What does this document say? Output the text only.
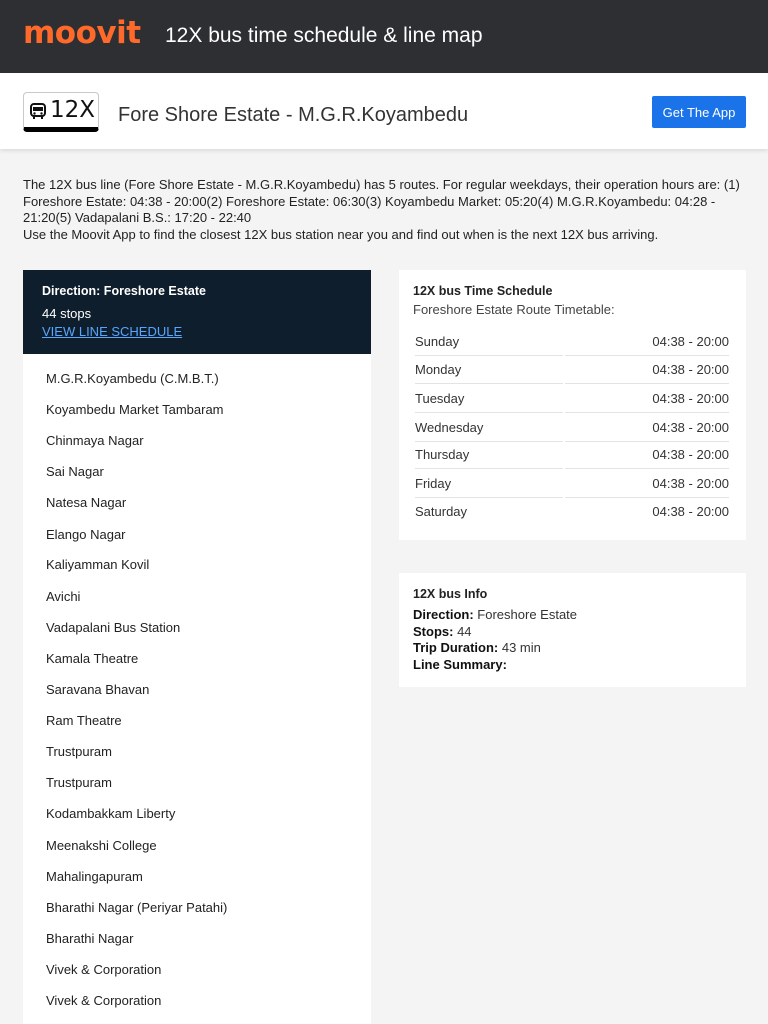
moovit 12X bus time schedule & line map
12X Fore Shore Estate - M.G.R.Koyambedu	Get The App

The 12X bus line (Fore Shore Estate - M.G.R.Koyambedu) has 5 routes. For regular weekdays, their operation hours are: (1) Foreshore Estate: 04:38 - 20:00(2) Foreshore Estate: 06:30(3) Koyambedu Market: 05:20(4) M.G.R.Koyambedu: 04:28 - 21:20(5) Vadapalani B.S.: 17:20 - 22:40

Use the Moovit App to find the closest 12X bus station near you and find out when is the next 12X bus arriving.

Direction: Foreshore Estate
44 stops
VIEW LINE SCHEDULE
M.G.R.Koyambedu (C.M.B.T.)
Koyambedu Market Tambaram
Chinmaya Nagar
Sai Nagar
Natesa Nagar
Elango Nagar
Kaliyamman Kovil
Avichi
Vadapalani Bus Station
Kamala Theatre
Saravana Bhavan
Ram Theatre
Trustpuram
Trustpuram
Kodambakkam Liberty
Meenakshi College
Mahalingapuram
Bharathi Nagar (Periyar Patahi)
Bharathi Nagar
Vivek & Corporation
Vivek & Corporation
12X bus Time Schedule
Foreshore Estate Route Timetable:
Sunday	04:38 - 20:00
Monday	04:38 - 20:00
Tuesday	04:38 - 20:00
Wednesday	04:38 - 20:00
Thursday	04:38 - 20:00
Friday	04:38 - 20:00
Saturday	04:38 - 20:00
12X bus Info
Direction: Foreshore Estate
Stops: 44
Trip Duration: 43 min
Line Summary:
